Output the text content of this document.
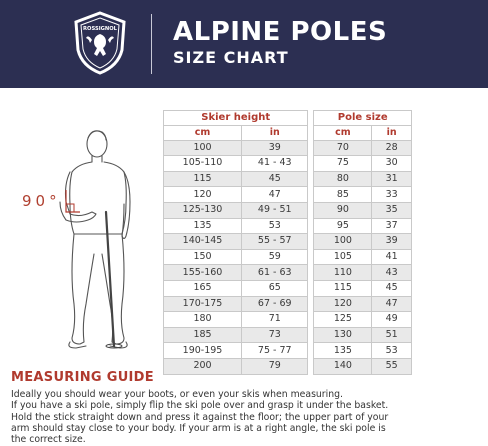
ROSSIGNOL ALPINE POLES
SIZE CHART
90°
Skier height			Pole size	
cm	in		cm	in
100	39		70	28
105-110	41 - 43		75	30
115	45		80	31
120	47		85	33
125-130	49 - 51		90	35
135	53		95	37
140-145	55 - 57		100	39
150	59		105	41
155-160	61 - 63		110	43
165	65		115	45
170-175	67 - 69		120	47
180	71		125	49
185	73		130	51
190-195	75 - 77		135	53
200	79		140	55
MEASURING GUIDE

Ideally you should wear your boots, or even your skis when measuring.

If you have a ski pole, simply flip the ski pole over and grasp it under the basket.

Hold the stick straight down and press it against the floor; the upper part of your

arm should stay close to your body. If your arm is at a right angle, the ski pole is

the correct size.
